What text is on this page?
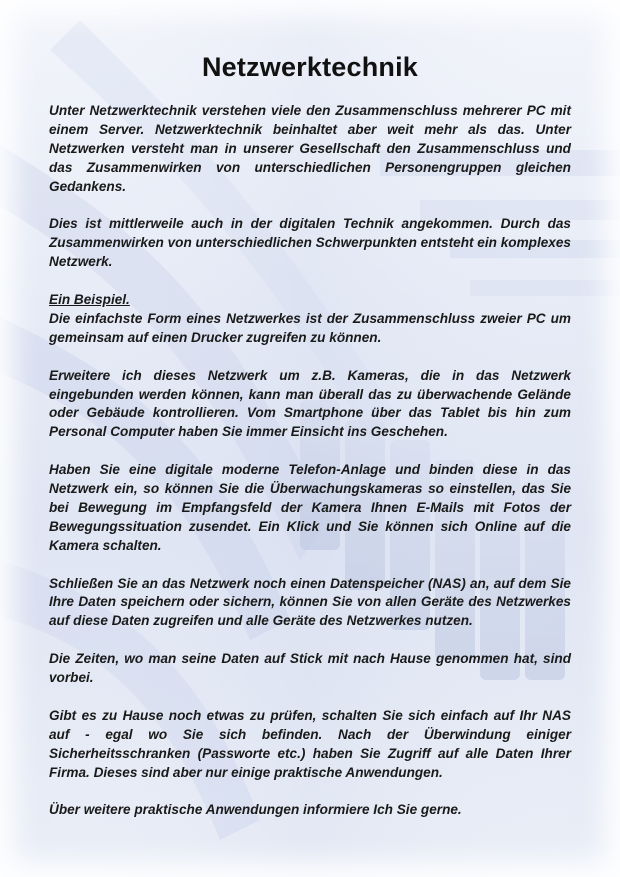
Netzwerktechnik

Unter Netzwerktechnik verstehen viele den Zusammenschluss mehrerer PC mit einem Server. Netzwerktechnik beinhaltet aber weit mehr als das. Unter Netzwerken versteht man in unserer Gesellschaft den Zusammenschluss und das Zusammenwirken von unterschiedlichen Personengruppen gleichen Gedankens.

Dies ist mittlerweile auch in der digitalen Technik angekommen. Durch das Zusammenwirken von unterschiedlichen Schwerpunkten entsteht ein komplexes Netzwerk.

Ein Beispiel.
Die einfachste Form eines Netzwerkes ist der Zusammenschluss zweier PC um gemeinsam auf einen Drucker zugreifen zu können.

Erweitere ich dieses Netzwerk um z.B. Kameras, die in das Netzwerk eingebunden werden können, kann man überall das zu überwachende Gelände oder Gebäude kontrollieren. Vom Smartphone über das Tablet bis hin zum Personal Computer haben Sie immer Einsicht ins Geschehen.

Haben Sie eine digitale moderne Telefon-Anlage und binden diese in das Netzwerk ein, so können Sie die Überwachungskameras so einstellen, das Sie bei Bewegung im Empfangsfeld der Kamera Ihnen E-Mails mit Fotos der Bewegungssituation zusendet. Ein Klick und Sie können sich Online auf die Kamera schalten.

Schließen Sie an das Netzwerk noch einen Datenspeicher (NAS) an, auf dem Sie Ihre Daten speichern oder sichern, können Sie von allen Geräte des Netzwerkes auf diese Daten zugreifen und alle Geräte des Netzwerkes nutzen.

Die Zeiten, wo man seine Daten auf Stick mit nach Hause genommen hat, sind vorbei.

Gibt es zu Hause noch etwas zu prüfen, schalten Sie sich einfach auf Ihr NAS auf - egal wo Sie sich befinden. Nach der Überwindung einiger Sicherheitsschranken (Passworte etc.) haben Sie Zugriff auf alle Daten Ihrer Firma. Dieses sind aber nur einige praktische Anwendungen.

Über weitere praktische Anwendungen informiere Ich Sie gerne.
